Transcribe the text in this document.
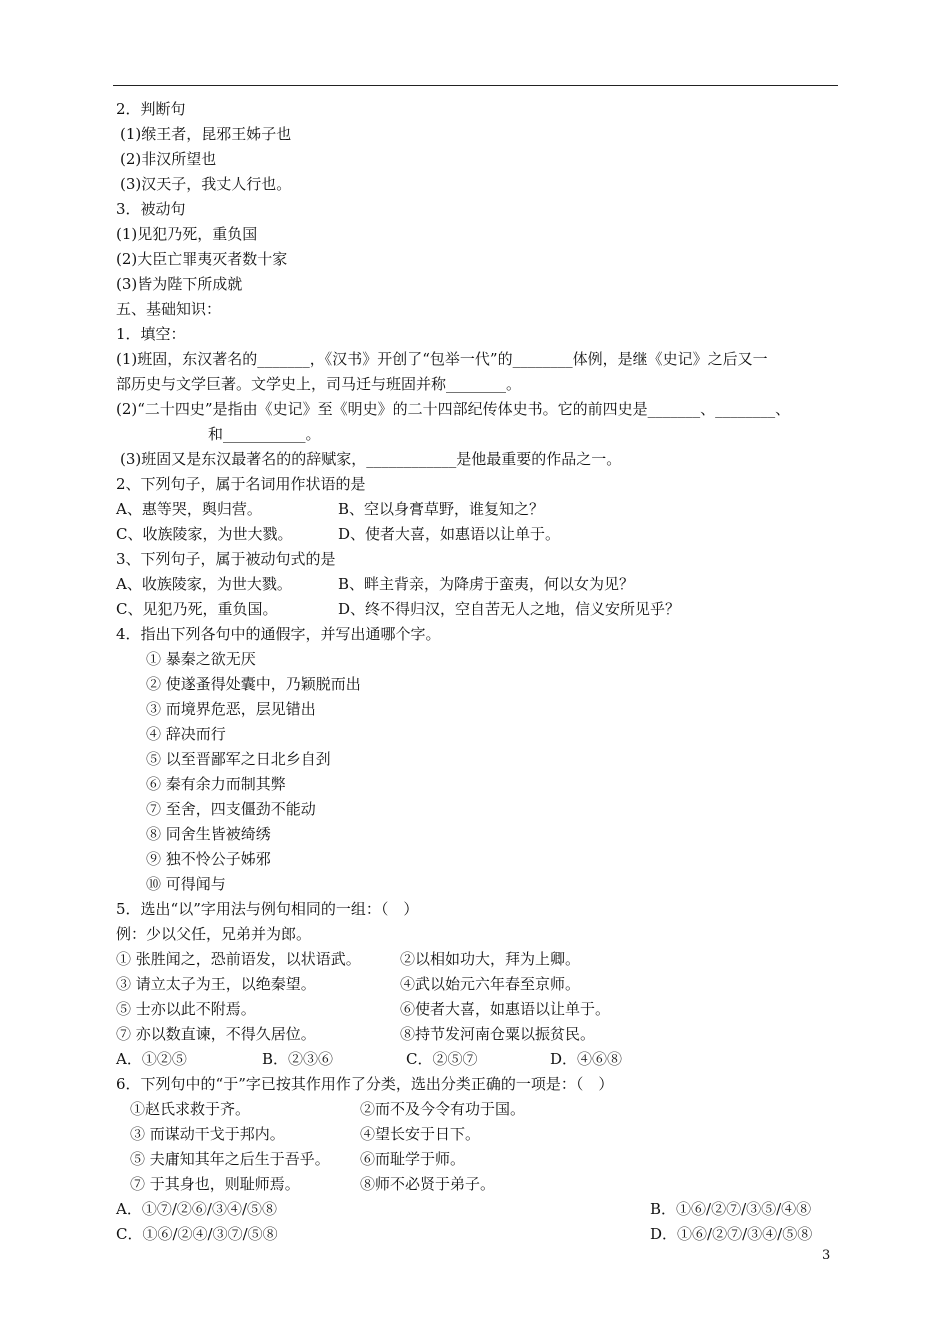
2．判断句
(1)缑王者，昆邪王姊子也
(2)非汉所望也
(3)汉天子，我丈人行也。
3．被动句
(1)见犯乃死，重负国
(2)大臣亡罪夷灭者数十家
(3)皆为陛下所成就
五、基础知识：
1．填空：
(1)班固，东汉著名的_______，《汉书》开创了“包举一代”的________体例，是继《史记》之后又一
部历史与文学巨著。文学史上，司马迁与班固并称________。
(2)“二十四史”是指由《史记》至《明史》的二十四部纪传体史书。它的前四史是_______、________、
和___________。
(3)班固又是东汉最著名的的辞赋家，____________是他最重要的作品之一。
2、下列句子，属于名词用作状语的是
A、惠等哭，舆归营。	B、空以身膏草野，谁复知之？
C、收族陵家，为世大戮。	D、使者大喜，如惠语以让单于。
3、下列句子，属于被动句式的是
A、收族陵家，为世大戮。	B、畔主背亲，为降虏于蛮夷，何以女为见？
C、见犯乃死，重负国。	D、终不得归汉，空自苦无人之地，信义安所见乎？
4．指出下列各句中的通假字，并写出通哪个字。
① 暴秦之欲无厌
② 使遂蚤得处囊中，乃颖脱而出
③ 而境界危恶，层见错出
④ 辞决而行
⑤ 以至晋鄙军之日北乡自刭
⑥ 秦有余力而制其弊
⑦ 至舍，四支僵劲不能动
⑧ 同舍生皆被绮绣
⑨ 独不怜公子姊邪
⑩ 可得闻与
5．选出“以”字用法与例句相同的一组：（　）
例：少以父任，兄弟并为郎。
① 张胜闻之，恐前语发，以状语武。	②以相如功大，拜为上卿。
③ 请立太子为王，以绝秦望。	④武以始元六年春至京师。
⑤ 士亦以此不附焉。	⑥使者大喜，如惠语以让单于。
⑦ 亦以数直谏，不得久居位。	⑧持节发河南仓粟以振贫民。
A．①②⑤	B．②③⑥	C．②⑤⑦	D．④⑥⑧
6．下列句中的“于”字已按其作用作了分类，选出分类正确的一项是：（　）
①赵氏求救于齐。	②而不及今令有功于国。
③ 而谋动干戈于邦内。	④望长安于日下。
⑤ 夫庸知其年之后生于吾乎。 ⑥而耻学于师。
⑦ 于其身也，则耻师焉。	⑧师不必贤于弟子。
A．①⑦/②⑥/③④/⑤⑧	B．①⑥/②⑦/③⑤/④⑧
C．①⑥/②④/③⑦/⑤⑧	D．①⑥/②⑦/③④/⑤⑧
3
